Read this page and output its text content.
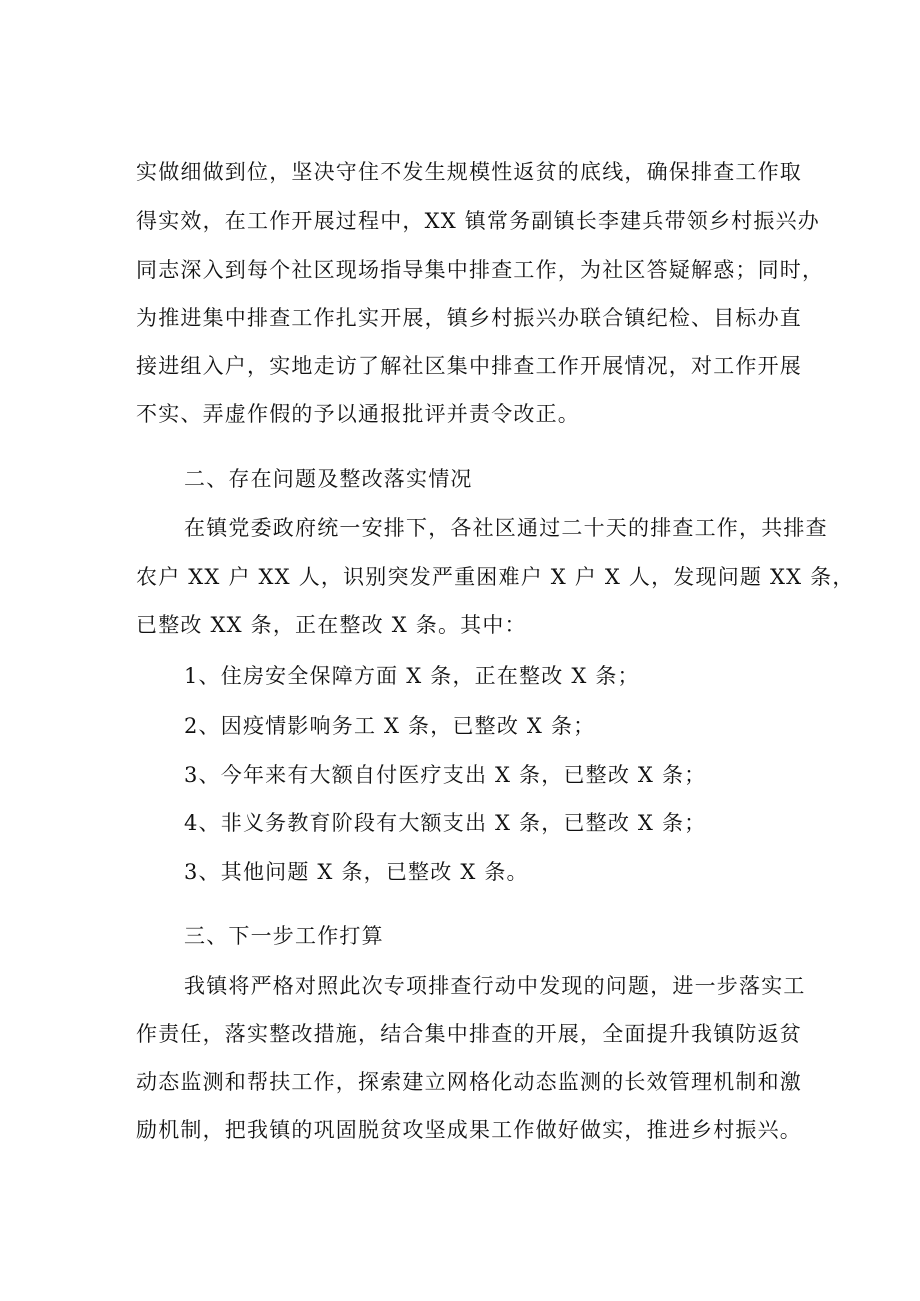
实做细做到位，坚决守住不发生规模性返贫的底线，确保排查工作取
得实效，在工作开展过程中，XX 镇常务副镇长李建兵带领乡村振兴办
同志深入到每个社区现场指导集中排查工作，为社区答疑解惑；同时，
为推进集中排查工作扎实开展，镇乡村振兴办联合镇纪检、目标办直
接进组入户，实地走访了解社区集中排查工作开展情况，对工作开展
不实、弄虚作假的予以通报批评并责令改正。
二、存在问题及整改落实情况
在镇党委政府统一安排下，各社区通过二十天的排查工作，共排查
农户 XX 户 XX 人，识别突发严重困难户 X 户 X 人，发现问题 XX 条，
已整改 XX 条，正在整改 X 条。其中：
1、住房安全保障方面 X 条，正在整改 X 条；
2、因疫情影响务工 X 条，已整改 X 条；
3、今年来有大额自付医疗支出 X 条，已整改 X 条；
4、非义务教育阶段有大额支出 X 条，已整改 X 条；
3、其他问题 X 条，已整改 X 条。
三、下一步工作打算
我镇将严格对照此次专项排查行动中发现的问题，进一步落实工
作责任，落实整改措施，结合集中排查的开展，全面提升我镇防返贫
动态监测和帮扶工作，探索建立网格化动态监测的长效管理机制和激
励机制，把我镇的巩固脱贫攻坚成果工作做好做实，推进乡村振兴。
